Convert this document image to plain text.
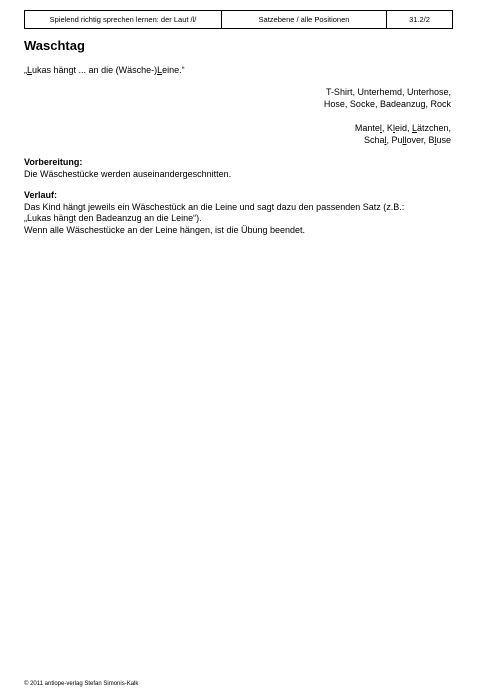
Spielend richtig sprechen lernen: der Laut /l/	Satzebene / alle Positionen	31.2/2
Waschtag
„Lukas hängt ... an die (Wäsche-)Leine.“
T-Shirt, Unterhemd, Unterhose,
Hose, Socke, Badeanzug, Rock
Mantel, Kleid, Lätzchen,
Schal, Pullover, Bluse
Vorbereitung:
Die Wäschestücke werden auseinandergeschnitten.
Verlauf:
Das Kind hängt jeweils ein Wäschestück an die Leine und sagt dazu den passenden Satz (z.B.:
„Lukas hängt den Badeanzug an die Leine“).
Wenn alle Wäschestücke an der Leine hängen, ist die Übung beendet.
© 2011 antiope-verlag Stefan Simonis-Kalk
